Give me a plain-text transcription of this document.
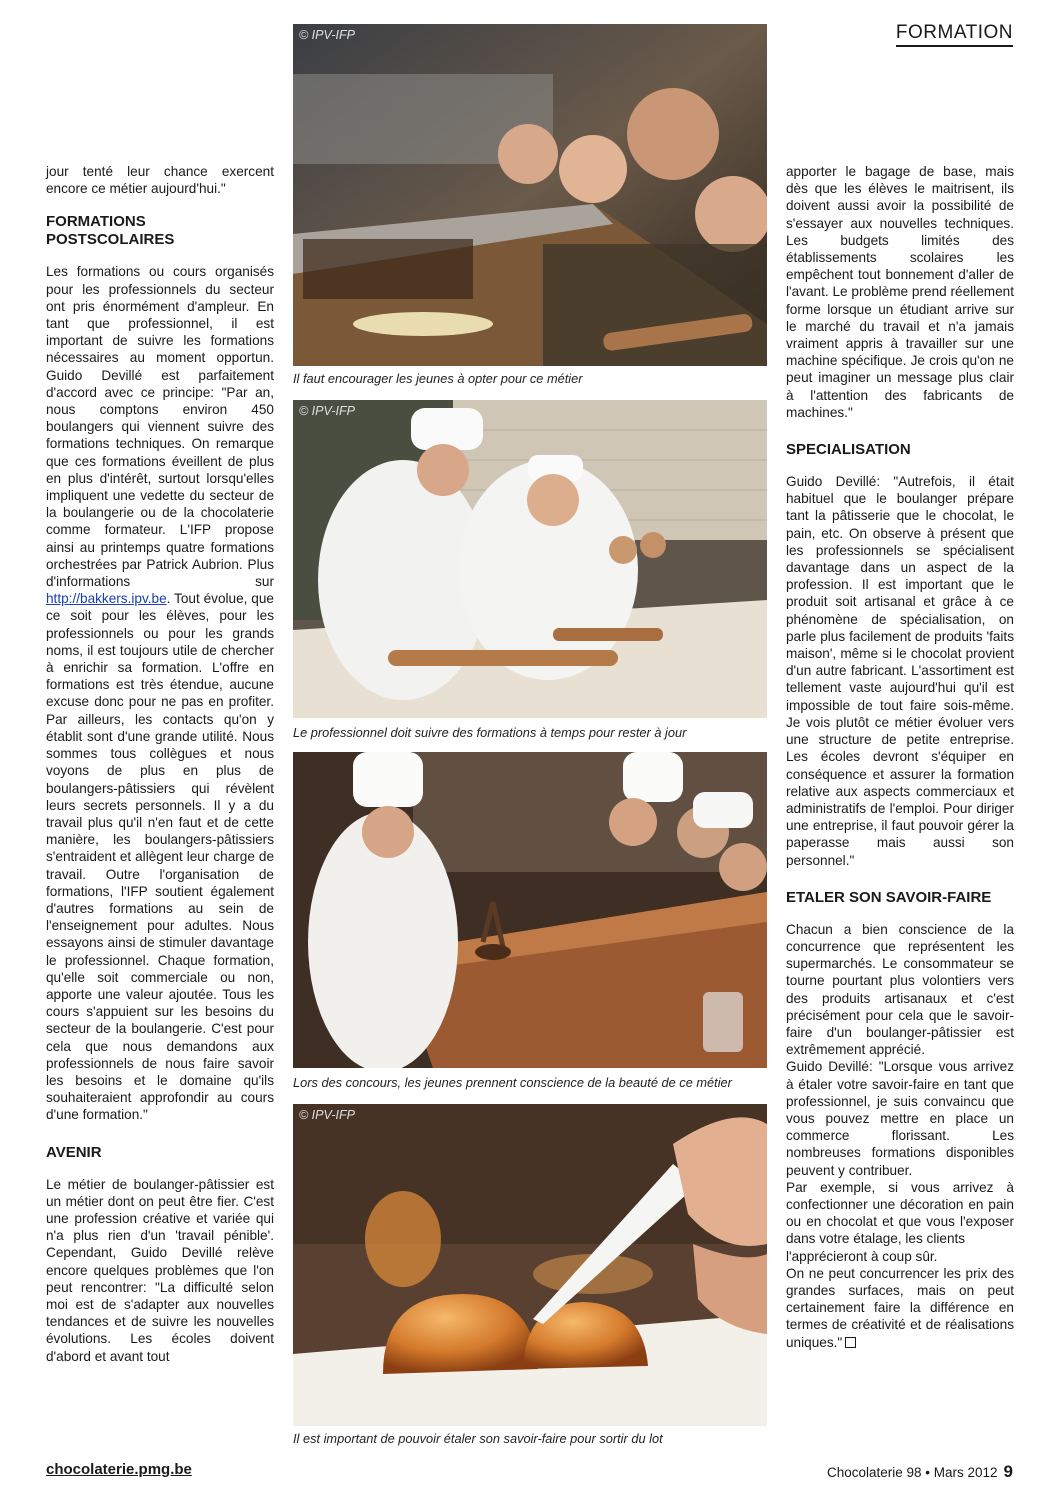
FORMATION

jour tenté leur chance exercent encore ce métier aujourd'hui."

FORMATIONS POSTSCOLAIRES

Les formations ou cours organisés pour les professionnels du secteur ont pris énormément d'ampleur. En tant que professionnel, il est important de suivre les formations nécessaires au moment opportun. Guido Devillé est parfaitement d'accord avec ce principe: "Par an, nous comptons environ 450 boulangers qui viennent suivre des formations techniques. On remarque que ces formations éveillent de plus en plus d'intérêt, surtout lorsqu'elles impliquent une vedette du secteur de la boulangerie ou de la chocolaterie comme formateur. L'IFP propose ainsi au printemps quatre formations orchestrées par Patrick Aubrion. Plus d'informations sur http://bakkers.ipv.be. Tout évolue, que ce soit pour les élèves, pour les professionnels ou pour les grands noms, il est toujours utile de chercher à enrichir sa formation. L'offre en formations est très étendue, aucune excuse donc pour ne pas en profiter. Par ailleurs, les contacts qu'on y établit sont d'une grande utilité. Nous sommes tous collègues et nous voyons de plus en plus de boulangers-pâtissiers qui révèlent leurs secrets personnels. Il y a du travail plus qu'il n'en faut et de cette manière, les boulangers-pâtissiers s'entraident et allègent leur charge de travail. Outre l'organisation de formations, l'IFP soutient également d'autres formations au sein de l'enseignement pour adultes. Nous essayons ainsi de stimuler davantage le professionnel. Chaque formation, qu'elle soit commerciale ou non, apporte une valeur ajoutée. Tous les cours s'appuient sur les besoins du secteur de la boulangerie. C'est pour cela que nous demandons aux professionnels de nous faire savoir les besoins et le domaine qu'ils souhaiteraient approfondir au cours d'une formation."

AVENIR

Le métier de boulanger-pâtissier est un métier dont on peut être fier. C'est une profession créative et variée qui n'a plus rien d'un 'travail pénible'. Cependant, Guido Devillé relève encore quelques problèmes que l'on peut rencontrer: "La difficulté selon moi est de s'adapter aux nouvelles tendances et de suivre les nouvelles évolutions. Les écoles doivent d'abord et avant tout

apporter le bagage de base, mais dès que les élèves le maitrisent, ils doivent aussi avoir la possibilité de s'essayer aux nouvelles techniques. Les budgets limités des établissements scolaires les empêchent tout bonnement d'aller de l'avant. Le problème prend réellement forme lorsque un étudiant arrive sur le marché du travail et n'a jamais vraiment appris à travailler sur une machine spécifique. Je crois qu'on ne peut imaginer un message plus clair à l'attention des fabricants de machines."

SPECIALISATION

Guido Devillé: "Autrefois, il était habituel que le boulanger prépare tant la pâtisserie que le chocolat, le pain, etc. On observe à présent que les professionnels se spécialisent davantage dans un aspect de la profession. Il est important que le produit soit artisanal et grâce à ce phénomène de spécialisation, on parle plus facilement de produits 'faits maison', même si le chocolat provient d'un autre fabricant. L'assortiment est tellement vaste aujourd'hui qu'il est impossible de tout faire sois-même. Je vois plutôt ce métier évoluer vers une structure de petite entreprise. Les écoles devront s'équiper en conséquence et assurer la formation relative aux aspects commerciaux et administratifs de l'emploi. Pour diriger une entreprise, il faut pouvoir gérer la paperasse mais aussi son personnel."

ETALER SON SAVOIR-FAIRE

Chacun a bien conscience de la concurrence que représentent les supermarchés. Le consommateur se tourne pourtant plus volontiers vers des produits artisanaux et c'est précisément pour cela que le savoir-faire d'un boulanger-pâtissier est extrêmement apprécié.

Guido Devillé: "Lorsque vous arrivez à étaler votre savoir-faire en tant que professionnel, je suis convaincu que vous pouvez mettre en place un commerce florissant. Les nombreuses formations disponibles peuvent y contribuer.

Par exemple, si vous arrivez à confectionner une décoration en pain ou en chocolat et que vous l'exposer dans votre étalage, les clients

l'apprécieront à coup sûr.

On ne peut concurrencer les prix des grandes surfaces, mais on peut certainement faire la différence en termes de créativité et de réalisations uniques."

© IPV-IFP
Il faut encourager les jeunes à opter pour ce métier
© IPV-IFP
Le professionnel doit suivre des formations à temps pour rester à jour
Lors des concours, les jeunes prennent conscience de la beauté de ce métier
© IPV-IFP
Il est important de pouvoir étaler son savoir-faire pour sortir du lot
chocolaterie.pmg.be	Chocolaterie 98 • Mars 2012 9
